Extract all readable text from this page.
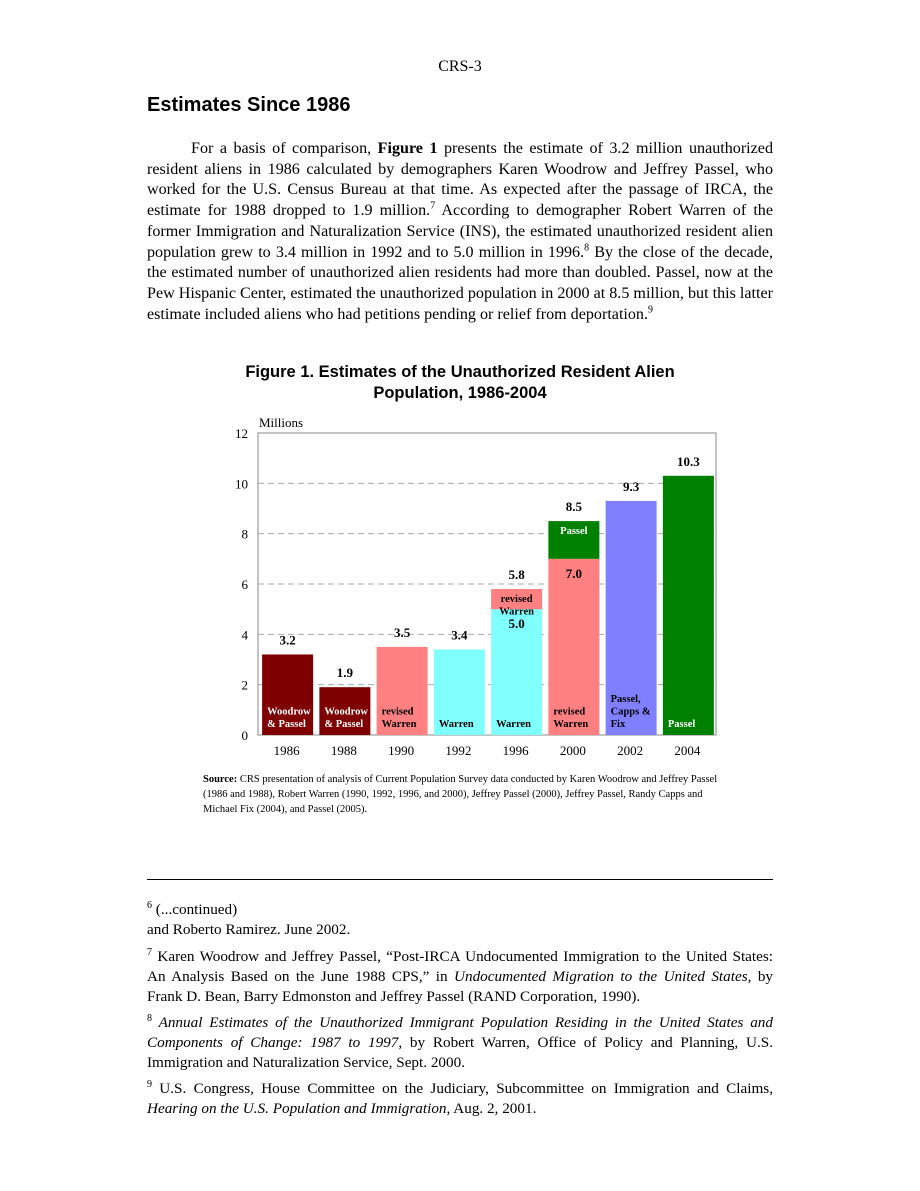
CRS-3
Estimates Since 1986

For a basis of comparison, Figure 1 presents the estimate of 3.2 million unauthorized resident aliens in 1986 calculated by demographers Karen Woodrow and Jeffrey Passel, who worked for the U.S. Census Bureau at that time. As expected after the passage of IRCA, the estimate for 1988 dropped to 1.9 million.$^7$ According to demographer Robert Warren of the former Immigration and Naturalization Service (INS), the estimated unauthorized resident alien population grew to 3.4 million in 1992 and to 5.0 million in 1996.$^8$ By the close of the decade, the estimated number of unauthorized alien residents had more than doubled. Passel, now at the Pew Hispanic Center, estimated the unauthorized population in 2000 at 8.5 million, but this latter estimate included aliens who had petitions pending or relief from deportation.$^9$

Figure 1. Estimates of the Unauthorized Resident Alien
Population, 1986-2004
0
2
4
6
8
10
12
Millions
Woodrow
& Passel
3.2
1986
Woodrow
& Passel
1.9
1988
revised
Warren
3.5
1990
Warren
3.4
1992
Warren
5.0
revised
Warren
5.8
1996
revised
Warren
7.0
Passel
8.5
2000
Passel,
Capps &
Fix
9.3
2002
Passel
10.3
2004

Source: CRS presentation of analysis of Current Population Survey data conducted by Karen Woodrow and Jeffrey Passel (1986 and 1988), Robert Warren (1990, 1992, 1996, and 2000), Jeffrey Passel (2000), Jeffrey Passel, Randy Capps and Michael Fix (2004), and Passel (2005).

$^6$ (...continued)
and Roberto Ramirez. June 2002.

$^7$ Karen Woodrow and Jeffrey Passel, “Post-IRCA Undocumented Immigration to the United States: An Analysis Based on the June 1988 CPS,” in Undocumented Migration to the United States, by Frank D. Bean, Barry Edmonston and Jeffrey Passel (RAND Corporation, 1990).

$^8$ Annual Estimates of the Unauthorized Immigrant Population Residing in the United States and Components of Change: 1987 to 1997, by Robert Warren, Office of Policy and Planning, U.S. Immigration and Naturalization Service, Sept. 2000.

$^9$ U.S. Congress, House Committee on the Judiciary, Subcommittee on Immigration and Claims, Hearing on the U.S. Population and Immigration, Aug. 2, 2001.
